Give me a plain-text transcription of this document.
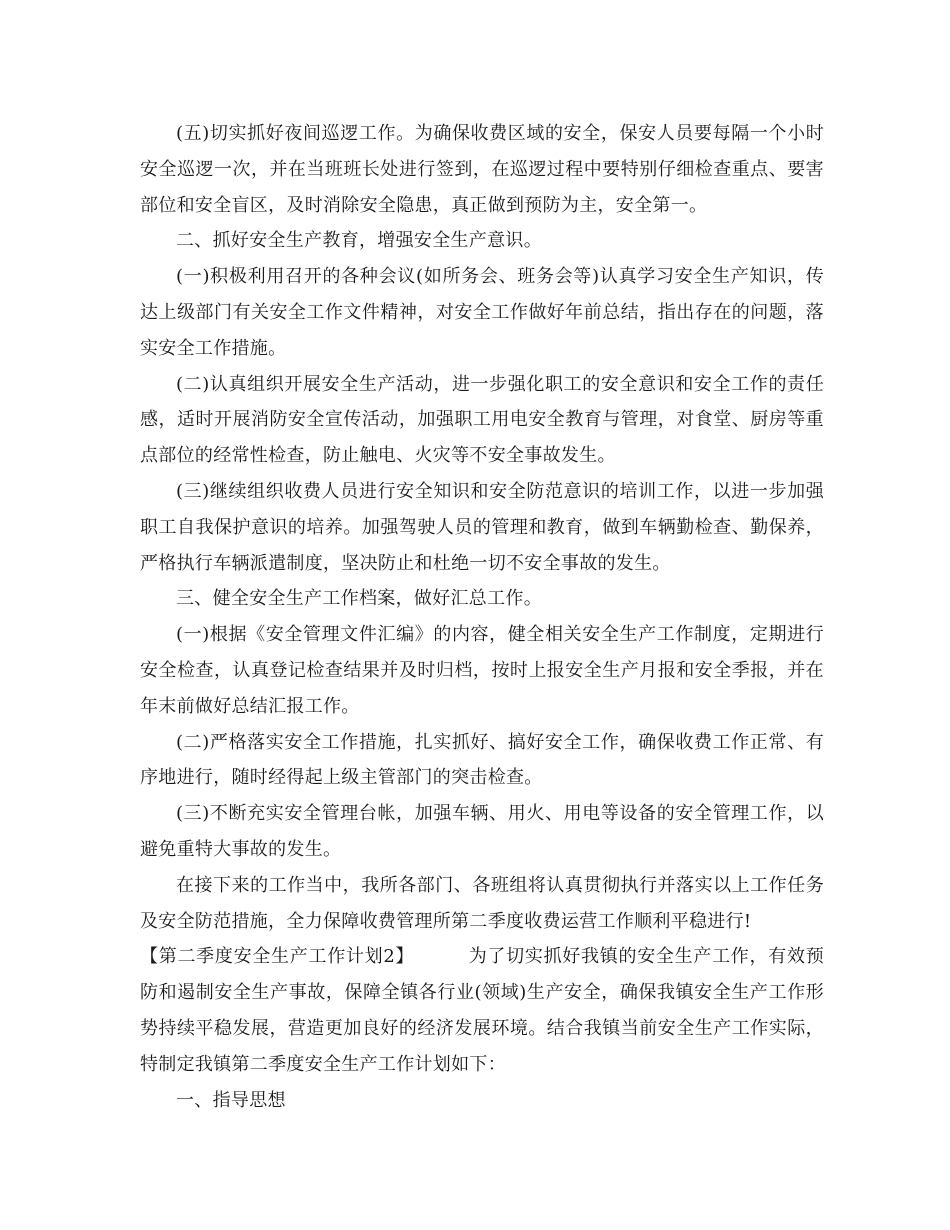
(五)切实抓好夜间巡逻工作。为确保收费区域的安全，保安人员要每隔一个小时安全巡逻一次，并在当班班长处进行签到，在巡逻过程中要特别仔细检查重点、要害部位和安全盲区，及时消除安全隐患，真正做到预防为主，安全第一。

二、抓好安全生产教育，增强安全生产意识。

(一)积极利用召开的各种会议(如所务会、班务会等)认真学习安全生产知识，传达上级部门有关安全工作文件精神，对安全工作做好年前总结，指出存在的问题，落实安全工作措施。

(二)认真组织开展安全生产活动，进一步强化职工的安全意识和安全工作的责任感，适时开展消防安全宣传活动，加强职工用电安全教育与管理，对食堂、厨房等重点部位的经常性检查，防止触电、火灾等不安全事故发生。

(三)继续组织收费人员进行安全知识和安全防范意识的培训工作，以进一步加强职工自我保护意识的培养。加强驾驶人员的管理和教育，做到车辆勤检查、勤保养，严格执行车辆派遣制度，坚决防止和杜绝一切不安全事故的发生。

三、健全安全生产工作档案，做好汇总工作。

(一)根据《安全管理文件汇编》的内容，健全相关安全生产工作制度，定期进行安全检查，认真登记检查结果并及时归档，按时上报安全生产月报和安全季报，并在年末前做好总结汇报工作。

(二)严格落实安全工作措施，扎实抓好、搞好安全工作，确保收费工作正常、有序地进行，随时经得起上级主管部门的突击检查。

(三)不断充实安全管理台帐，加强车辆、用火、用电等设备的安全管理工作，以避免重特大事故的发生。

在接下来的工作当中，我所各部门、各班组将认真贯彻执行并落实以上工作任务及安全防范措施，全力保障收费管理所第二季度收费运营工作顺利平稳进行!

【第二季度安全生产工作计划2】	为了切实抓好我镇的安全生产工作，有效预防和遏制安全生产事故，保障全镇各行业(领域)生产安全，确保我镇安全生产工作形势持续平稳发展，营造更加良好的经济发展环境。结合我镇当前安全生产工作实际，特制定我镇第二季度安全生产工作计划如下：

一、指导思想
